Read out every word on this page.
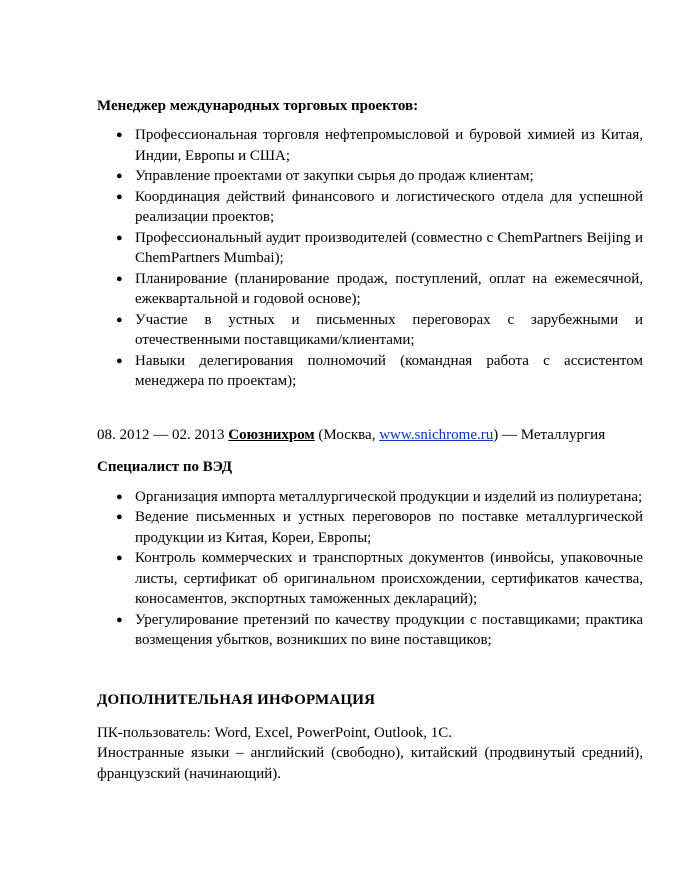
Менеджер международных торговых проектов:

● Профессиональная торговля нефтепромысловой и буровой химией из Китая, Индии, Европы и США;
● Управление проектами от закупки сырья до продаж клиентам;
● Координация действий финансового и логистического отдела для успешной реализации проектов;
● Профессиональный аудит производителей (совместно с ChemPartners Beijing и ChemPartners Mumbai);
● Планирование (планирование продаж, поступлений, оплат на ежемесячной, ежеквартальной и годовой основе);
● Участие в устных и письменных переговорах с зарубежными и отечественными поставщиками/клиентами;
● Навыки делегирования полномочий (командная работа с ассистентом менеджера по проектам);

08. 2012 — 02. 2013 Союзнихром (Москва, www.snichrome.ru) — Металлургия

Специалист по ВЭД

● Организация импорта металлургической продукции и изделий из полиуретана;
● Ведение письменных и устных переговоров по поставке металлургической продукции из Китая, Кореи, Европы;
● Контроль коммерческих и транспортных документов (инвойсы, упаковочные листы, сертификат об оригинальном происхождении, сертификатов качества, коносаментов, экспортных таможенных деклараций);
● Урегулирование претензий по качеству продукции с поставщиками; практика возмещения убытков, возникших по вине поставщиков;

ДОПОЛНИТЕЛЬНАЯ ИНФОРМАЦИЯ

ПК-пользователь: Word, Excel, PowerPoint, Outlook, 1С.

Иностранные языки – английский (свободно), китайский (продвинутый средний), французский (начинающий).
